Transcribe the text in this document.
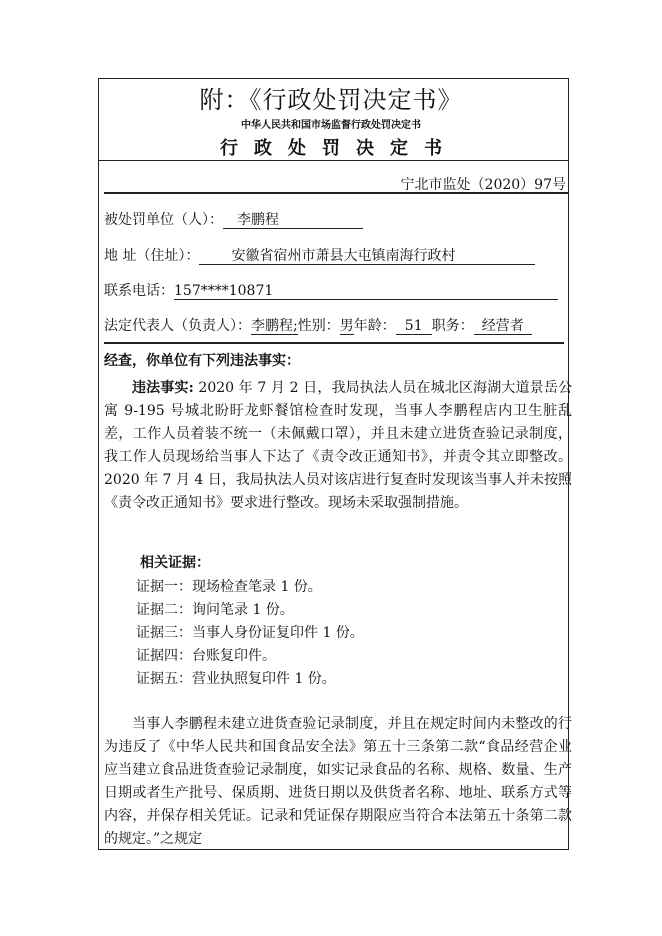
附：《行政处罚决定书》
中华人民共和国市场监督行政处罚决定书
行政处罚决定书
宁北市监处（2020）97号
被处罚单位（人）： 李鹏程
地 址（住址）： 安徽省宿州市萧县大屯镇南海行政村
联系电话：157****10871
法定代表人（负责人）：李鹏程;性别：男年龄： 51 职务： 经营者
经查，你单位有下列违法事实：
违法事实: 2020 年 7 月 2 日，我局执法人员在城北区海湖大道景岳公寓 9-195 号城北盼盱龙虾餐馆检查时发现，当事人李鹏程店内卫生脏乱差，工作人员着装不统一（未佩戴口罩），并且未建立进货查验记录制度，我工作人员现场给当事人下达了《责令改正通知书》，并责令其立即整改。2020 年 7 月 4 日，我局执法人员对该店进行复查时发现该当事人并未按照《责令改正通知书》要求进行整改。现场未采取强制措施。
相关证据：
证据一：现场检查笔录 1 份。
证据二：询问笔录 1 份。
证据三：当事人身份证复印件 1 份。
证据四：台账复印件。
证据五：营业执照复印件 1 份。
当事人李鹏程未建立进货查验记录制度，并且在规定时间内未整改的行为违反了《中华人民共和国食品安全法》第五十三条第二款“食品经营企业应当建立食品进货查验记录制度，如实记录食品的名称、规格、数量、生产日期或者生产批号、保质期、进货日期以及供货者名称、地址、联系方式等内容，并保存相关凭证。记录和凭证保存期限应当符合本法第五十条第二款的规定。”之规定
